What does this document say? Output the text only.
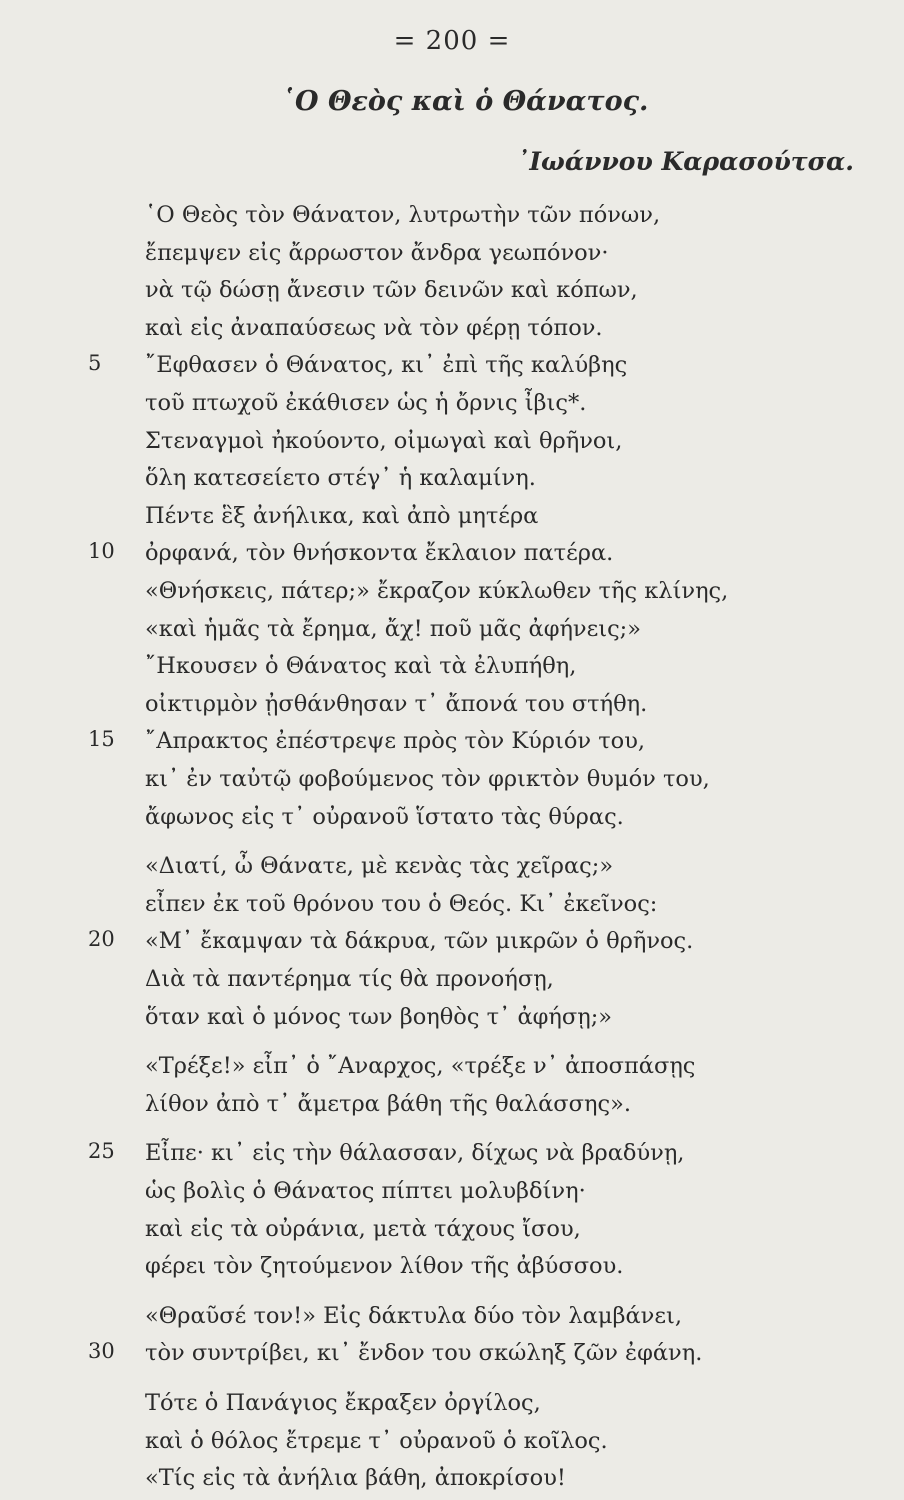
= 200 =
῾Ο Θεὸς καὶ ὁ Θάνατος.
᾿Ιωάννου Καρασούτσα.
῾Ο Θεὸς τὸν Θάνατον, λυτρωτὴν τῶν πόνων,
ἔπεμψεν εἰς ἄρρωστον ἄνδρα γεωπόνον·
νὰ τῷ δώσῃ ἄνεσιν τῶν δεινῶν καὶ κόπων,
καὶ εἰς ἀναπαύσεως νὰ τὸν φέρῃ τόπον.
῎Εφθασεν ὁ Θάνατος, κι᾿ ἐπὶ τῆς καλύβης
τοῦ πτωχοῦ ἐκάθισεν ὡς ἡ ὄρνις ἶβις*.
Στεναγμοὶ ἠκούοντο, οἰμωγαὶ καὶ θρῆνοι,
ὅλη κατεσείετο στέγ᾿ ἡ καλαμίνη.
Πέντε ἓξ ἀνήλικα, καὶ ἀπὸ μητέρα
ὀρφανά, τὸν θνήσκοντα ἔκλαιον πατέρα.
«Θνήσκεις, πάτερ;» ἔκραζον κύκλωθεν τῆς κλίνης,
«καὶ ἡμᾶς τὰ ἔρημα, ἄχ! ποῦ μᾶς ἀφήνεις;»
῎Ηκουσεν ὁ Θάνατος καὶ τὰ ἐλυπήθη,
οἰκτιρμὸν ᾐσθάνθησαν τ᾿ ἄπονά του στήθη.
῎Απρακτος ἐπέστρεψε πρὸς τὸν Κύριόν του,
κι᾿ ἐν ταὐτῷ φοβούμενος τὸν φρικτὸν θυμόν του,
ἄφωνος εἰς τ᾿ οὐρανοῦ ἵστατο τὰς θύρας.
«Διατί, ὦ Θάνατε, μὲ κενὰς τὰς χεῖρας;»
εἶπεν ἐκ τοῦ θρόνου του ὁ Θεός. Κι᾿ ἐκεῖνος:
«Μ᾿ ἔκαμψαν τὰ δάκρυα, τῶν μικρῶν ὁ θρῆνος.
Διὰ τὰ παντέρημα τίς θὰ προνοήσῃ,
ὅταν καὶ ὁ μόνος των βοηθὸς τ᾿ ἀφήσῃ;»
«Τρέξε!» εἶπ᾿ ὁ ῎Αναρχος, «τρέξε ν᾿ ἀποσπάσῃς
λίθον ἀπὸ τ᾿ ἄμετρα βάθη τῆς θαλάσσης».
Εἶπε· κι᾿ εἰς τὴν θάλασσαν, δίχως νὰ βραδύνῃ,
ὡς βολὶς ὁ Θάνατος πίπτει μολυβδίνη·
καὶ εἰς τὰ οὐράνια, μετὰ τάχους ἴσου,
φέρει τὸν ζητούμενον λίθον τῆς ἀβύσσου.
«Θραῦσέ τον!» Εἰς δάκτυλα δύο τὸν λαμβάνει,
τὸν συντρίβει, κι᾿ ἔνδον του σκώληξ ζῶν ἐφάνη.
Τότε ὁ Πανάγιος ἔκραξεν ὀργίλος,
καὶ ὁ θόλος ἔτρεμε τ᾿ οὐρανοῦ ὁ κοῖλος.
«Τίς εἰς τὰ ἀνήλια βάθη, ἀποκρίσου!
5
10
15
20
25
30
